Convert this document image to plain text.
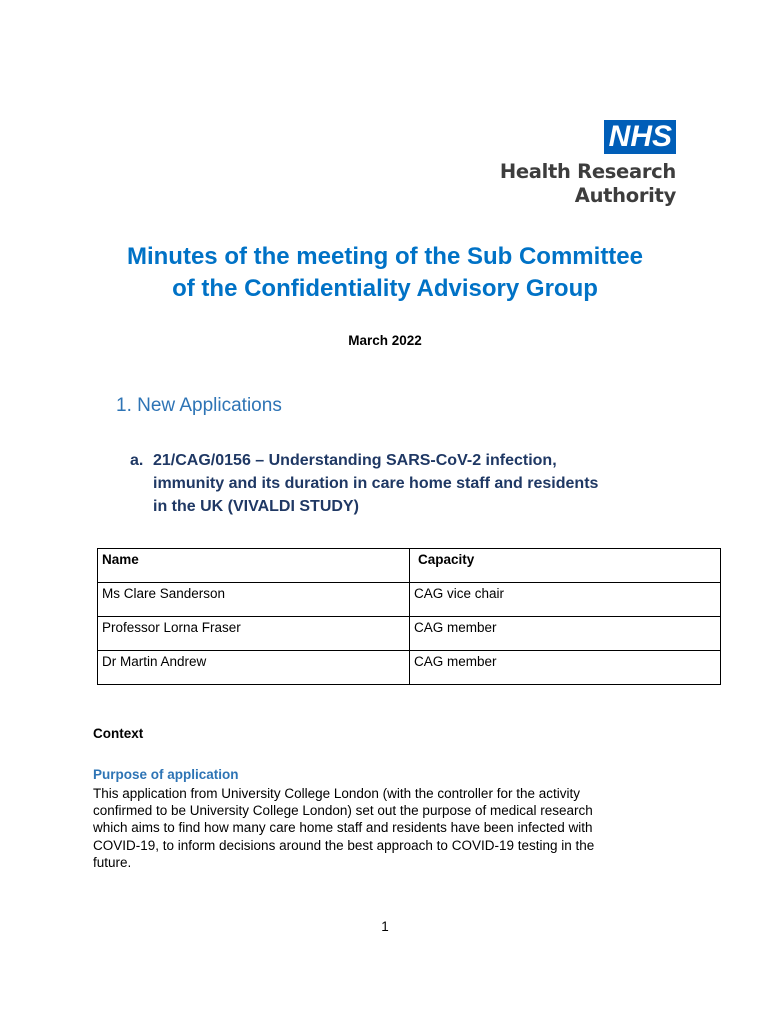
NHS
Health Research
Authority
Minutes of the meeting of the Sub Committee
of the Confidentiality Advisory Group
March 2022
1. New Applications
a. 21/CAG/0156 – Understanding SARS-CoV-2 infection,
immunity and its duration in care home staff and residents
in the UK (VIVALDI STUDY)
Name	Capacity
Ms Clare Sanderson	CAG vice chair
Professor Lorna Fraser	CAG member
Dr Martin Andrew	CAG member
Context
Purpose of application

This application from University College London (with the controller for the activity
confirmed to be University College London) set out the purpose of medical research
which aims to find how many care home staff and residents have been infected with
COVID-19, to inform decisions around the best approach to COVID-19 testing in the
future.

1
